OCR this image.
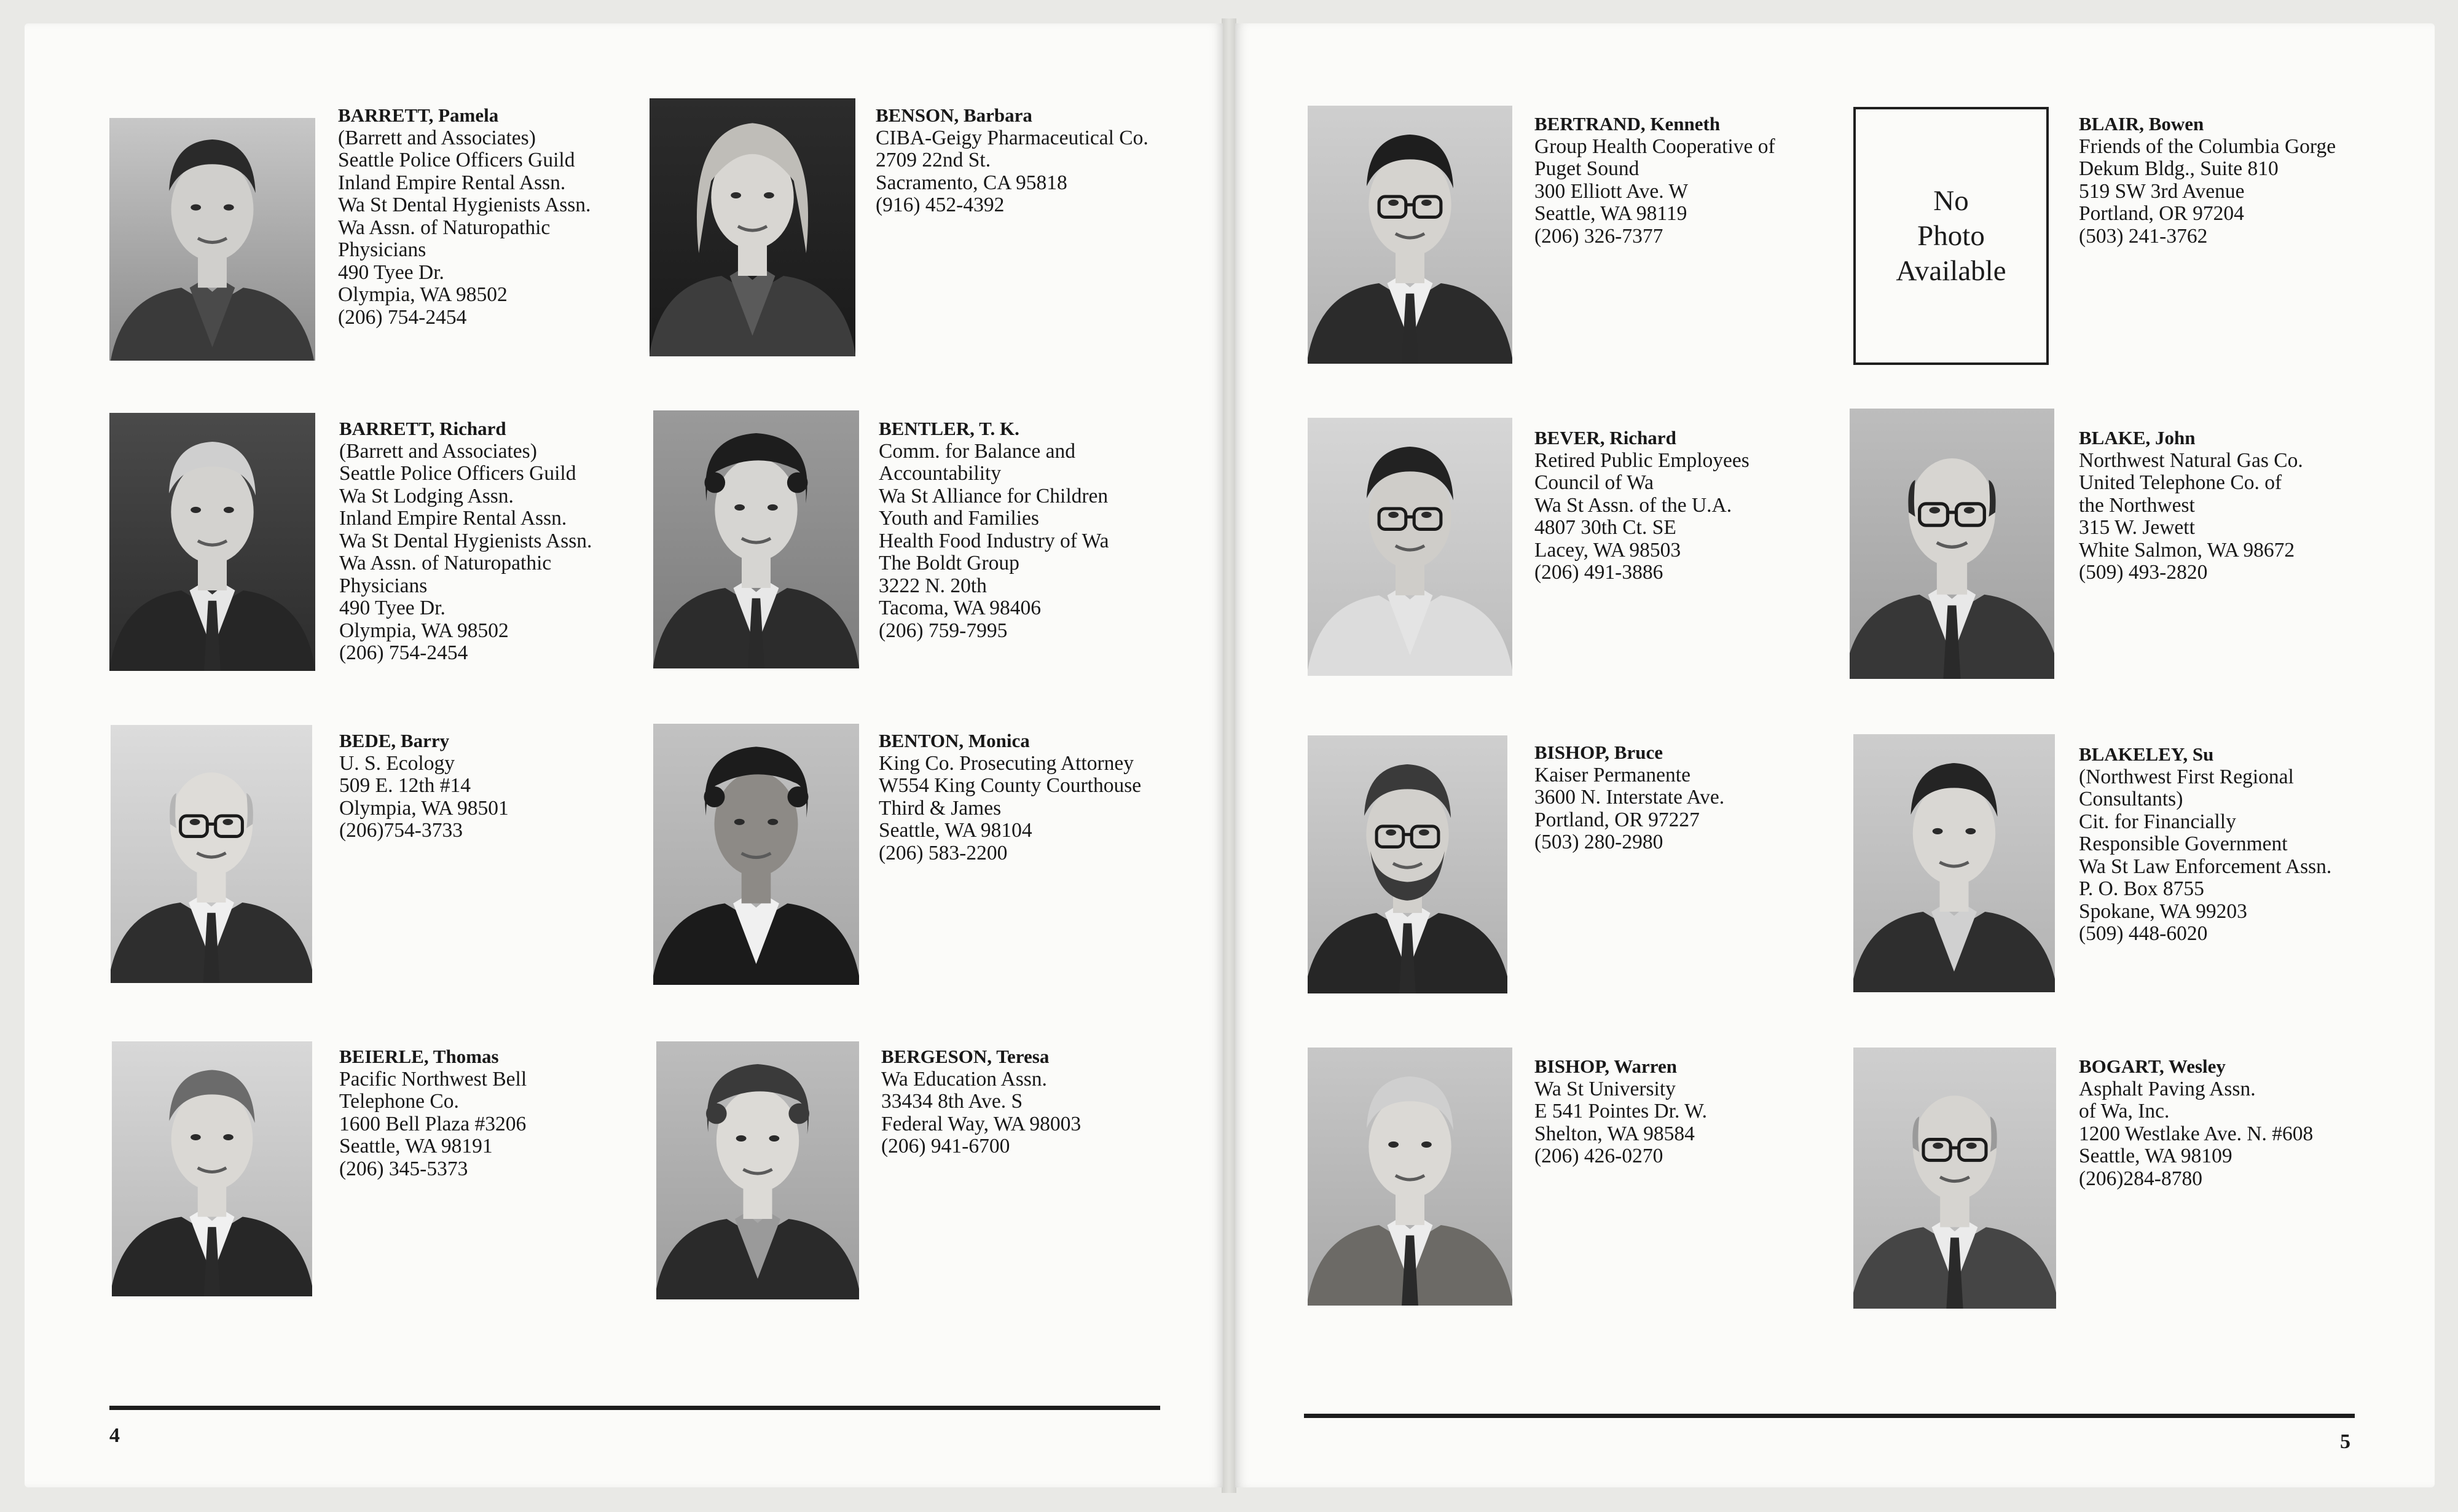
BARRETT, Pamela
(Barrett and Associates)
Seattle Police Officers Guild
Inland Empire Rental Assn.
Wa St Dental Hygienists Assn.
Wa Assn. of Naturopathic
Physicians
490 Tyee Dr.
Olympia, WA 98502
(206) 754-2454
BENSON, Barbara
CIBA-Geigy Pharmaceutical Co.
2709 22nd St.
Sacramento, CA 95818
(916) 452-4392
BARRETT, Richard
(Barrett and Associates)
Seattle Police Officers Guild
Wa St Lodging Assn.
Inland Empire Rental Assn.
Wa St Dental Hygienists Assn.
Wa Assn. of Naturopathic
Physicians
490 Tyee Dr.
Olympia, WA 98502
(206) 754-2454
BENTLER, T. K.
Comm. for Balance and
Accountability
Wa St Alliance for Children
Youth and Families
Health Food Industry of Wa
The Boldt Group
3222 N. 20th
Tacoma, WA 98406
(206) 759-7995
BEDE, Barry
U. S. Ecology
509 E. 12th #14
Olympia, WA 98501
(206)754-3733
BENTON, Monica
King Co. Prosecuting Attorney
W554 King County Courthouse
Third & James
Seattle, WA 98104
(206) 583-2200
BEIERLE, Thomas
Pacific Northwest Bell
Telephone Co.
1600 Bell Plaza #3206
Seattle, WA 98191
(206) 345-5373
BERGESON, Teresa
Wa Education Assn.
33434 8th Ave. S
Federal Way, WA 98003
(206) 941-6700
BERTRAND, Kenneth
Group Health Cooperative of
Puget Sound
300 Elliott Ave. W
Seattle, WA 98119
(206) 326-7377
No
Photo
Available
BLAIR, Bowen
Friends of the Columbia Gorge
Dekum Bldg., Suite 810
519 SW 3rd Avenue
Portland, OR 97204
(503) 241-3762
BEVER, Richard
Retired Public Employees
Council of Wa
Wa St Assn. of the U.A.
4807 30th Ct. SE
Lacey, WA 98503
(206) 491-3886
BLAKE, John
Northwest Natural Gas Co.
United Telephone Co. of
the Northwest
315 W. Jewett
White Salmon, WA 98672
(509) 493-2820
BISHOP, Bruce
Kaiser Permanente
3600 N. Interstate Ave.
Portland, OR 97227
(503) 280-2980
BLAKELEY, Su
(Northwest First Regional
Consultants)
Cit. for Financially
Responsible Government
Wa St Law Enforcement Assn.
P. O. Box 8755
Spokane, WA 99203
(509) 448-6020
BISHOP, Warren
Wa St University
E 541 Pointes Dr. W.
Shelton, WA 98584
(206) 426-0270
BOGART, Wesley
Asphalt Paving Assn.
of Wa, Inc.
1200 Westlake Ave. N. #608
Seattle, WA 98109
(206)284-8780
4	5
